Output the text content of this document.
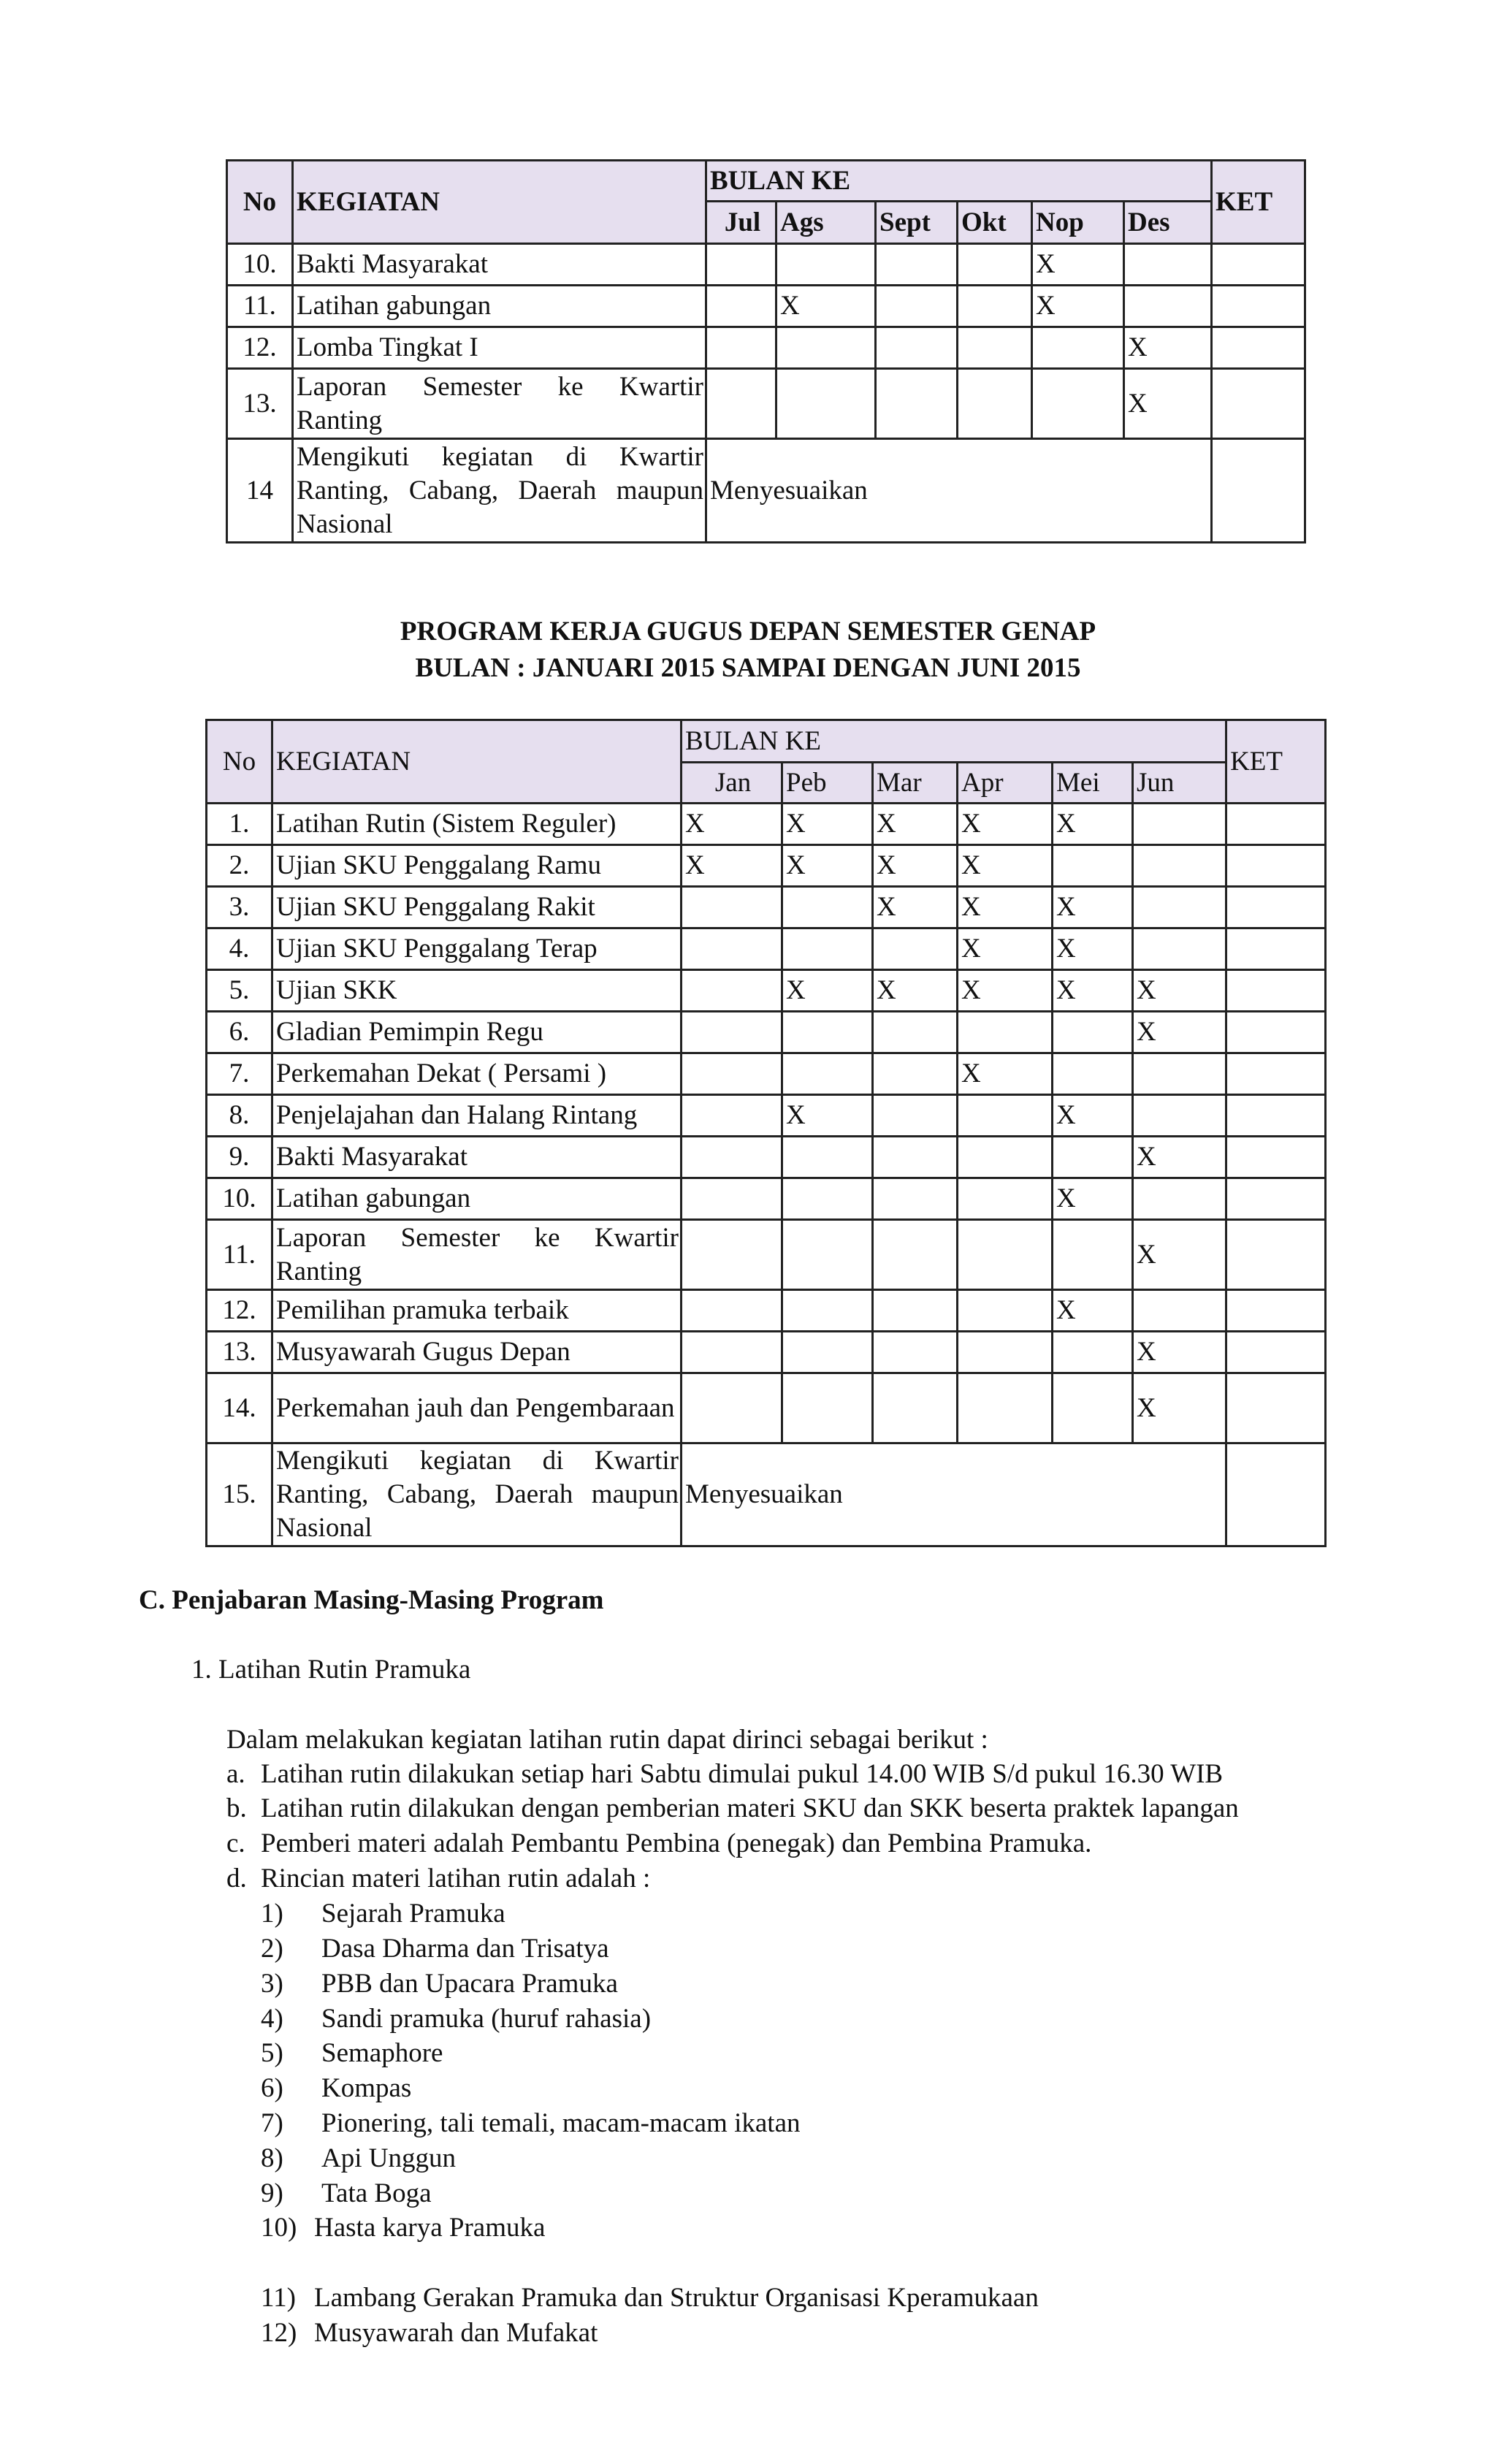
No	KEGIATAN	BULAN KE						KET
		Jul	Ags	Sept	Okt	Nop	Des	
10.	Bakti Masyarakat					X		
11.	Latihan gabungan		X			X		
12.	Lomba Tingkat I						X	
13.	Laporan Semester ke Kwartir Ranting						X	
14	Mengikuti kegiatan di Kwartir Ranting, Cabang, Daerah maupun Nasional	Menyesuaikan						
PROGRAM KERJA GUGUS DEPAN SEMESTER GENAP
BULAN : JANUARI 2015 SAMPAI DENGAN JUNI 2015
No	KEGIATAN	BULAN KE						KET
		Jan	Peb	Mar	Apr	Mei	Jun	
1.	Latihan Rutin (Sistem Reguler)	X	X	X	X	X		
2.	Ujian SKU Penggalang Ramu	X	X	X	X			
3.	Ujian SKU Penggalang Rakit			X	X	X		
4.	Ujian SKU Penggalang Terap				X	X		
5.	Ujian SKK		X	X	X	X	X	
6.	Gladian Pemimpin Regu						X	
7.	Perkemahan Dekat ( Persami )				X			
8.	Penjelajahan dan Halang Rintang		X			X		
9.	Bakti Masyarakat						X	
10.	Latihan gabungan					X		
11.	Laporan Semester ke Kwartir Ranting						X	
12.	Pemilihan pramuka terbaik					X		
13.	Musyawarah Gugus Depan						X	
14.	Perkemahan jauh dan Pengembaraan						X	
15.	Mengikuti kegiatan di Kwartir Ranting, Cabang, Daerah maupun Nasional	Menyesuaikan						
C. Penjabaran Masing-Masing Program
1. Latihan Rutin Pramuka
Dalam melakukan kegiatan latihan rutin dapat dirinci sebagai berikut :
a. Latihan rutin dilakukan setiap hari Sabtu dimulai pukul 14.00 WIB S/d pukul 16.30 WIB
b. Latihan rutin dilakukan dengan pemberian materi SKU dan SKK beserta praktek lapangan
c. Pemberi materi adalah Pembantu Pembina (penegak) dan Pembina Pramuka.
d. Rincian materi latihan rutin adalah :
1) Sejarah Pramuka
2) Dasa Dharma dan Trisatya
3) PBB dan Upacara Pramuka
4) Sandi pramuka (huruf rahasia)
5) Semaphore
6) Kompas
7) Pionering, tali temali, macam-macam ikatan
8) Api Unggun
9) Tata Boga
10) Hasta karya Pramuka
11) Lambang Gerakan Pramuka dan Struktur Organisasi Kperamukaan
12) Musyawarah dan Mufakat
